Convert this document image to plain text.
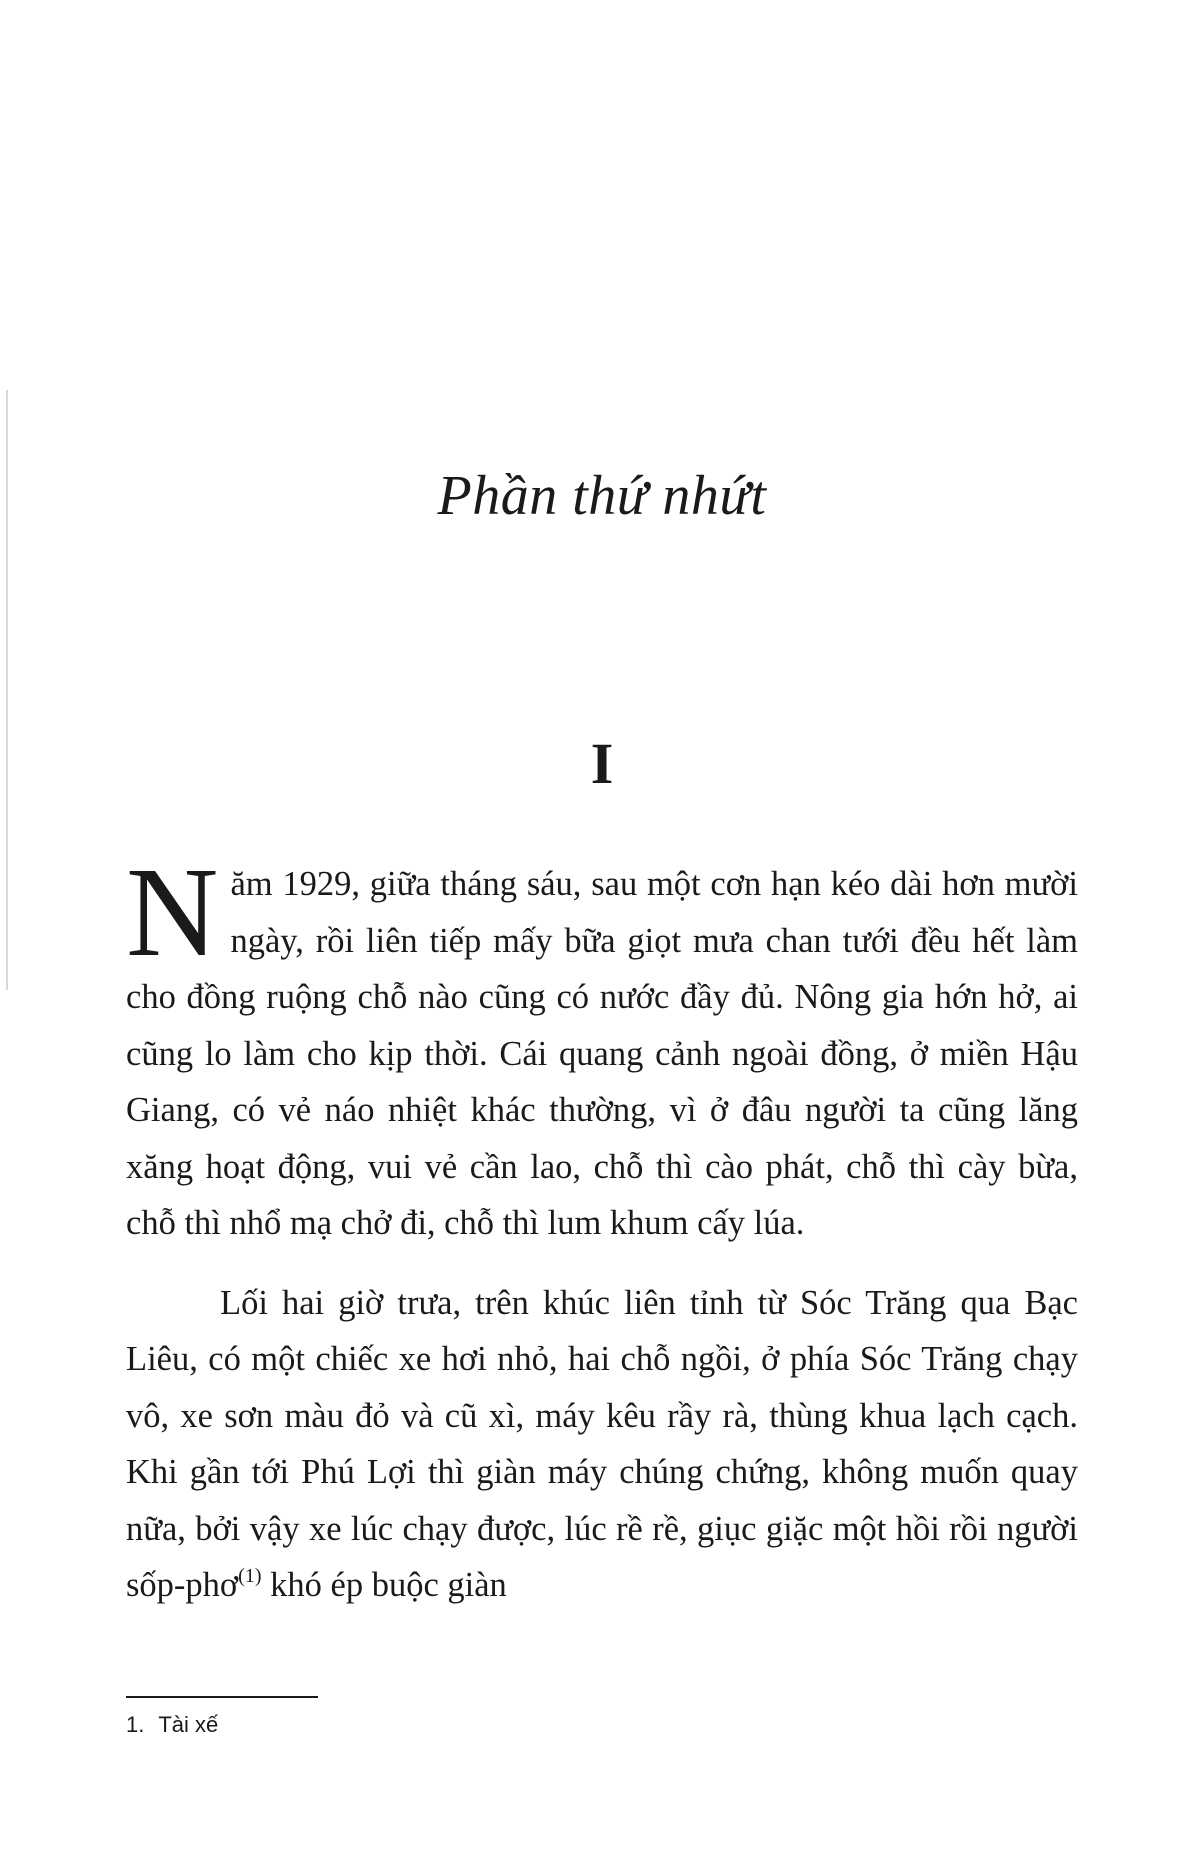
Phần thứ nhứt
I

Năm 1929, giữa tháng sáu, sau một cơn hạn kéo dài hơn mười ngày, rồi liên tiếp mấy bữa giọt mưa chan tưới đều hết làm cho đồng ruộng chỗ nào cũng có nước đầy đủ. Nông gia hớn hở, ai cũng lo làm cho kịp thời. Cái quang cảnh ngoài đồng, ở miền Hậu Giang, có vẻ náo nhiệt khác thường, vì ở đâu người ta cũng lăng xăng hoạt động, vui vẻ cần lao, chỗ thì cào phát, chỗ thì cày bừa, chỗ thì nhổ mạ chở đi, chỗ thì lum khum cấy lúa.

Lối hai giờ trưa, trên khúc liên tỉnh từ Sóc Trăng qua Bạc Liêu, có một chiếc xe hơi nhỏ, hai chỗ ngồi, ở phía Sóc Trăng chạy vô, xe sơn màu đỏ và cũ xì, máy kêu rầy rà, thùng khua lạch cạch. Khi gần tới Phú Lợi thì giàn máy chúng chứng, không muốn quay nữa, bởi vậy xe lúc chạy được, lúc rề rề, giục giặc một hồi rồi người sốp-phơ$^{(1)}$ khó ép buộc giàn

1. Tài xế
